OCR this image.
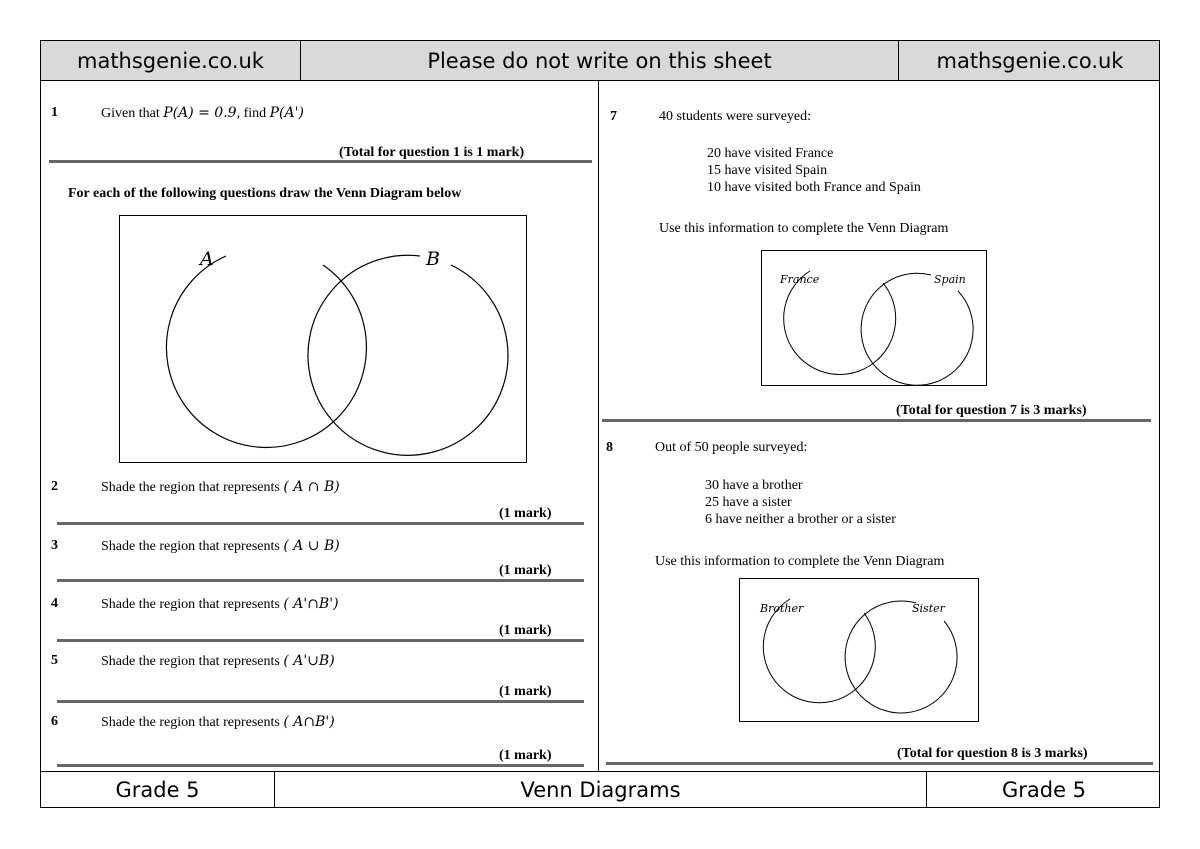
mathsgenie.co.uk	Please do not write on this sheet	mathsgenie.co.uk
1	Given that P(A) = 0.9, find P(A')
(Total for question 1 is 1 mark)
For each of the following questions draw the Venn Diagram below
A	B
2	Shade the region that represents ( A ∩ B)
(1 mark)
3	Shade the region that represents ( A ∪ B)
(1 mark)
4	Shade the region that represents ( A'∩B')
(1 mark)
5	Shade the region that represents ( A'∪B)
(1 mark)
6	Shade the region that represents ( A∩B')
(1 mark)
7	40 students were surveyed:
20 have visited France
15 have visited Spain
10 have visited both France and Spain
Use this information to complete the Venn Diagram
France	Spain
(Total for question 7 is 3 marks)
8	Out of 50 people surveyed:
30 have a brother
25 have a sister
6 have neither a brother or a sister
Use this information to complete the Venn Diagram
Brother	Sister
(Total for question 8 is 3 marks)
Grade 5	Venn Diagrams	Grade 5
